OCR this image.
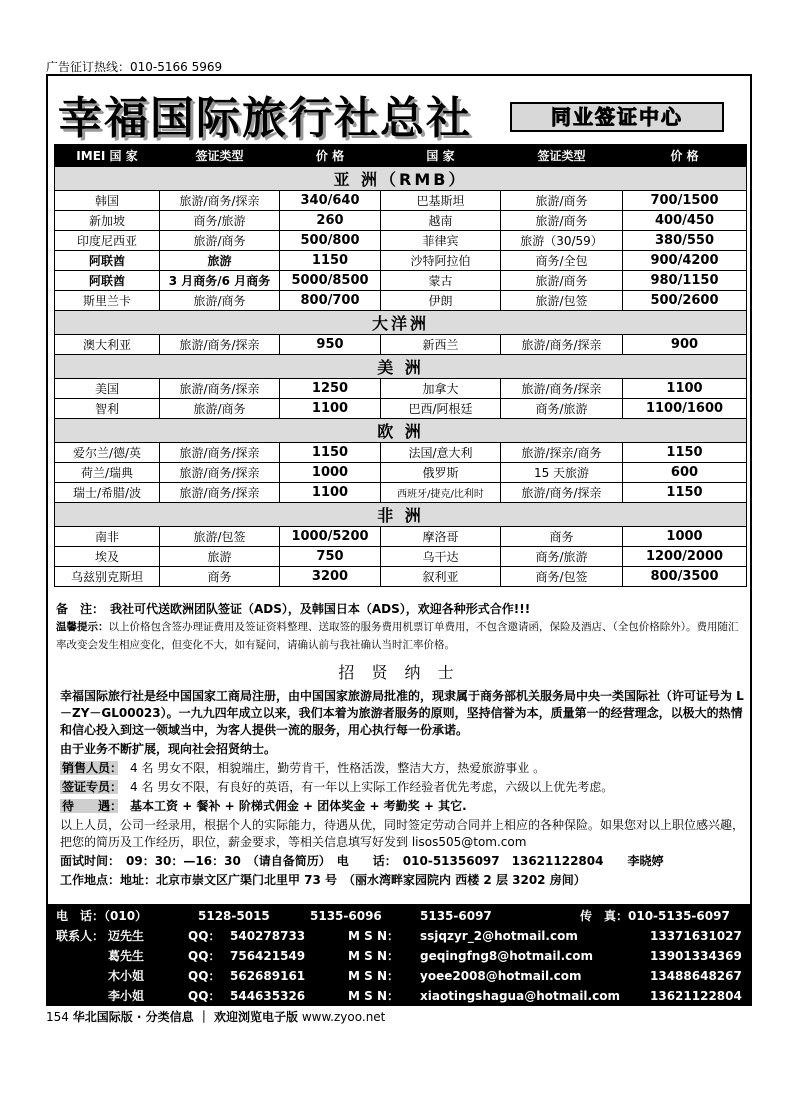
广告征订热线：010-5166 5969
幸福国际旅行社总社	同业签证中心
IMEI 国 家	签证类型	价 格	国 家	签证类型	价 格
亚 洲（RMB）					
韩国	旅游/商务/探亲	340/640	巴基斯坦	旅游/商务	700/1500
新加坡	商务/旅游	260	越南	旅游/商务	400/450
印度尼西亚	旅游/商务	500/800	菲律宾	旅游（30/59）	380/550
阿联酋	旅游	1150	沙特阿拉伯	商务/全包	900/4200
阿联酋	3 月商务/6 月商务	5000/8500	蒙古	旅游/商务	980/1150
斯里兰卡	旅游/商务	800/700	伊朗	旅游/包签	500/2600
大洋洲					
澳大利亚	旅游/商务/探亲	950	新西兰	旅游/商务/探亲	900
美 洲					
美国	旅游/商务/探亲	1250	加拿大	旅游/商务/探亲	1100
智利	旅游/商务	1100	巴西/阿根廷	商务/旅游	1100/1600
欧 洲					
爱尔兰/德/英	旅游/商务/探亲	1150	法国/意大利	旅游/探亲/商务	1150
荷兰/瑞典	旅游/商务/探亲	1000	俄罗斯	15 天旅游	600
瑞士/希腊/波	旅游/商务/探亲	1100	西班牙/捷克/比利时	旅游/商务/探亲	1150
非 洲					
南非	旅游/包签	1000/5200	摩洛哥	商务	1000
埃及	旅游	750	乌干达	商务/旅游	1200/2000
乌兹别克斯坦	商务	3200	叙利亚	商务/包签	800/3500
备　注：　我社可代送欧洲团队签证（ADS），及韩国日本（ADS），欢迎各种形式合作!!!
温馨提示：以上价格包含签办理证费用及签证资料整理、送取签的服务费用机票订单费用，不包含邀请函，保险及酒店、（全包价格除外）。费用随汇率改变会发生相应变化，但变化不大，如有疑问，请确认前与我社确认当时汇率价格。
招 贤 纳 士

幸福国际旅行社是经中国国家工商局注册，由中国国家旅游局批准的，现隶属于商务部机关服务局中央一类国际社（许可证号为 L－ZY－GL00023）。一九九四年成立以来，我们本着为旅游者服务的原则，坚持信誉为本，质量第一的经营理念，以极大的热情和信心投入到这一领域当中，为客人提供一流的服务，用心执行每一份承诺。

由于业务不断扩展，现向社会招贤纳士。

销售人员：　 4 名 男女不限，相貌端庄，勤劳肯干，性格活泼，整洁大方，热爱旅游事业 。

签证专员：　 4 名 男女不限，有良好的英语，有一年以上实际工作经验者优先考虑，六级以上优先考虑。

待　　遇：　 基本工资 + 餐补 + 阶梯式佣金 + 团体奖金 + 考勤奖 + 其它.

以上人员，公司一经录用，根据个人的实际能力，待遇从优，同时签定劳动合同并上相应的各种保险。如果您对以上职位感兴趣，把您的简历及工作经历，职位，薪金要求，等相关信息填写好发到 lisos505@tom.com

面试时间：　09：30：—16：30　（请自备简历）　电　　话：　010-51356097　13621122804　　李晓婷

工作地点：地址：北京市崇文区广渠门北里甲 73 号　（丽水湾畔家园院内 西楼 2 层 3202 房间）

电　话：（010）	5128-5015	5135-6096	5135-6097	传　真：010-5135-6097
联系人： 迈先生	QQ： 540278733	M S N： ssjqzyr_2@hotmail.com	13371631027
葛先生	QQ： 756421549	M S N： geqingfng8@hotmail.com	13901334369
木小姐	QQ： 562689161	M S N： yoee2008@hotmail.com	13488648267
李小姐	QQ： 544635326	M S N： xiaotingshagua@hotmail.com	13621122804
154 华北国际版 · 分类信息 ｜ 欢迎浏览电子版 www.zyoo.net
